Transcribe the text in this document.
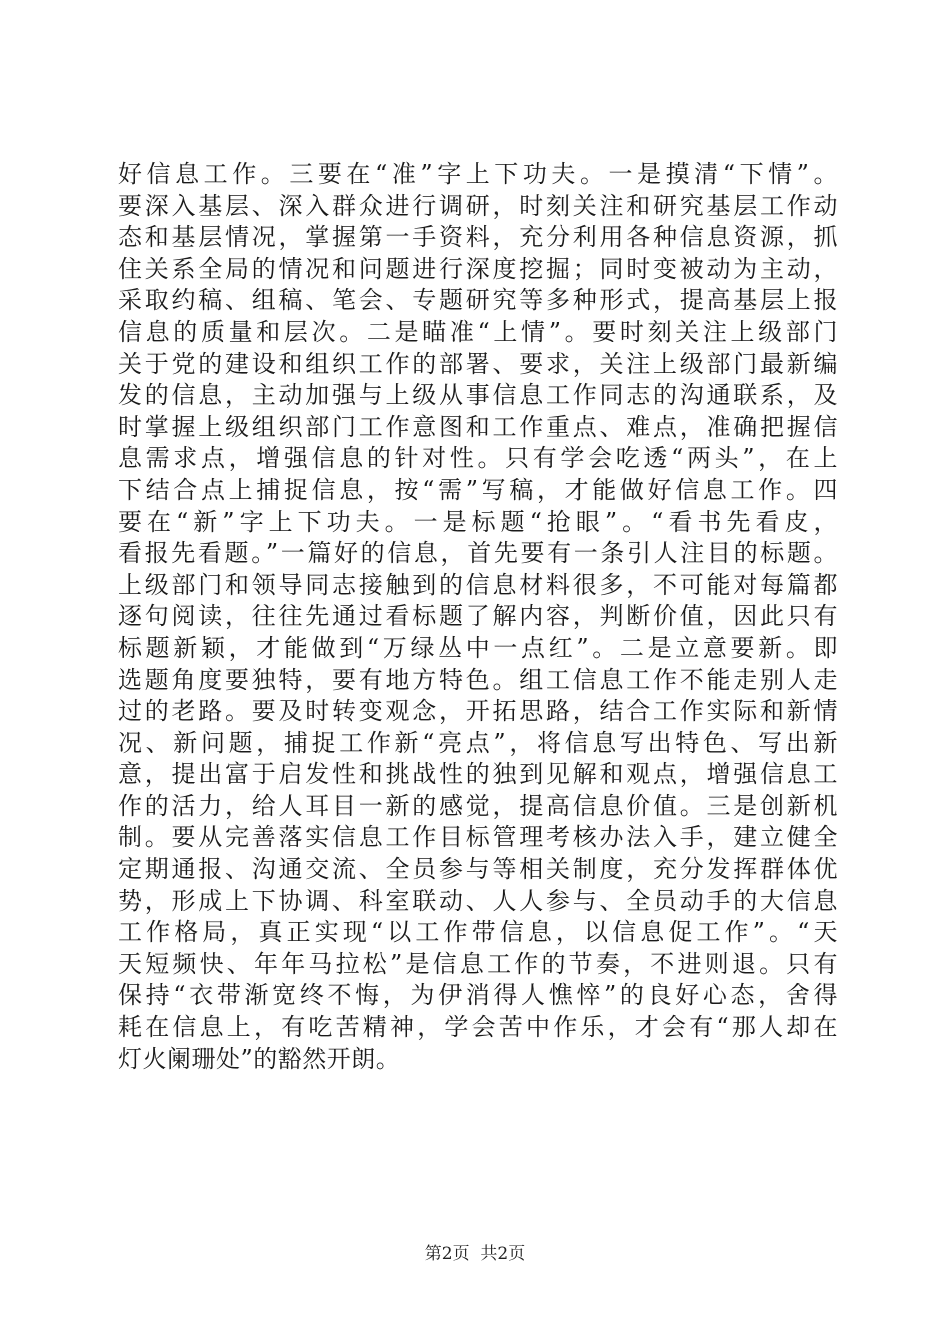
好信息工作。三要在“准”字上下功夫。一是摸清“下情”。
要深入基层、深入群众进行调研，时刻关注和研究基层工作动
态和基层情况，掌握第一手资料，充分利用各种信息资源，抓
住关系全局的情况和问题进行深度挖掘；同时变被动为主动，
采取约稿、组稿、笔会、专题研究等多种形式，提高基层上报
信息的质量和层次。二是瞄准“上情”。要时刻关注上级部门
关于党的建设和组织工作的部署、要求，关注上级部门最新编
发的信息，主动加强与上级从事信息工作同志的沟通联系，及
时掌握上级组织部门工作意图和工作重点、难点，准确把握信
息需求点，增强信息的针对性。只有学会吃透“两头”，在上
下结合点上捕捉信息，按“需”写稿，才能做好信息工作。四
要在“新”字上下功夫。一是标题“抢眼”。“看书先看皮，
看报先看题。”一篇好的信息，首先要有一条引人注目的标题。
上级部门和领导同志接触到的信息材料很多，不可能对每篇都
逐句阅读，往往先通过看标题了解内容，判断价值，因此只有
标题新颖，才能做到“万绿丛中一点红”。二是立意要新。即
选题角度要独特，要有地方特色。组工信息工作不能走别人走
过的老路。要及时转变观念，开拓思路，结合工作实际和新情
况、新问题，捕捉工作新“亮点”，将信息写出特色、写出新
意，提出富于启发性和挑战性的独到见解和观点，增强信息工
作的活力，给人耳目一新的感觉，提高信息价值。三是创新机
制。要从完善落实信息工作目标管理考核办法入手，建立健全
定期通报、沟通交流、全员参与等相关制度，充分发挥群体优
势，形成上下协调、科室联动、人人参与、全员动手的大信息
工作格局，真正实现“以工作带信息，以信息促工作”。“天
天短频快、年年马拉松”是信息工作的节奏，不进则退。只有
保持“衣带渐宽终不悔，为伊消得人憔悴”的良好心态，舍得
耗在信息上，有吃苦精神，学会苦中作乐，才会有“那人却在
灯火阑珊处”的豁然开朗。
第2页  共2页
